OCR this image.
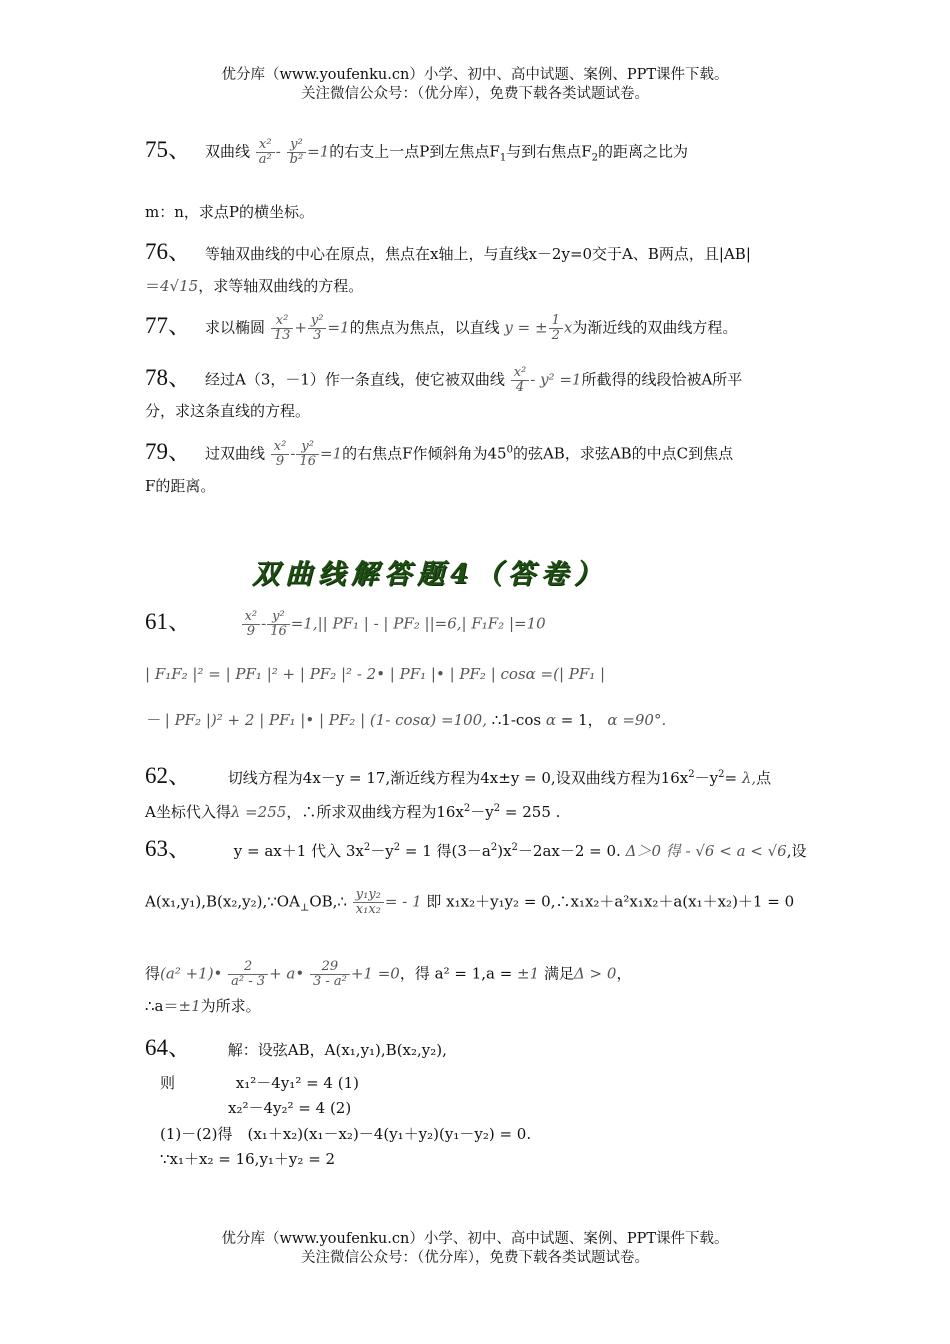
优分库（www.youfenku.cn）小学、初中、高中试题、案例、PPT课件下载。
关注微信公众号：（优分库），免费下载各类试题试卷。
75、 双曲线 $\frac{\text{x²}}{\text{a²}} - \frac{\text{y²}}{\text{b²}} =1$的右支上一点P到左焦点$F_1$与到右焦点$F_2$的距离之比为
m：n，求点P的横坐标。
76、 等轴双曲线的中心在原点，焦点在x轴上，与直线x－2y=0交于A、B两点，且|AB|
＝4√15，求等轴双曲线的方程。
77、 求以椭圆 $\frac{\text{x²}}{13} + \frac{\text{y²}}{3} =1$的焦点为焦点，以直线 y = ± $\frac{1}{2}$ x为渐近线的双曲线方程。
78、 经过A（3，－1）作一条直线，使它被双曲线 $\frac{\text{x²}}{4} - y^2 =1$所截得的线段恰被A所平
分，求这条直线的方程。
79、 过双曲线 $\frac{\text{x²}}{9} - \frac{\text{y²}}{16} =1$的右焦点F作倾斜角为$45^0$的弦AB，求弦AB的中点C到焦点
F的距离。
双曲线解答题4（答卷）
61、	$\frac{\text{x²}}{9} - \frac{\text{y²}}{16} =1,||$ PF₁ | - | PF₂ ||=6,| F₁F₂ |=10
| F₁F₂ |² = | PF₁ |² + | PF₂ |² - 2• | PF₁ |• | PF₂ | cosα =(| PF₁ |
－ | PF₂ |)² + 2 | PF₁ |• | PF₂ | (1- cosα) =100, ∴1-cos α = 1， α =90°.
62、 切线方程为4x－y = 17,渐近线方程为4x±y = 0,设双曲线方程为$16x^2-y^2= \lambda$,点
A坐标代入得λ =255，∴所求双曲线方程为$16x^2-y^2 = 255$ .
63、	y = ax＋1 代入 $3x^2-y^2 = 1$ 得$(3-a^2)x^2-2ax-2 = 0$. Δ＞0 得 - √6 < a < √6,设
$A(x_1,y_1),B(x_2,y_2),\because OA_\perp OB,\therefore \frac{\text{y₁y₂}}{\text{x₁x₂}}$ = - 1 即 x₁x₂＋y₁y₂ = 0,∴x₁x₂＋a²x₁x₂＋a(x₁＋x₂)＋1 = 0
得(a² +1)• $\frac{2}{\text{a² - 3}}$ + a• $\frac{29}{\text{3 - a²}} +1 =0$，得 a² = 1,a = ±1 满足Δ > 0，
∴a＝±1为所求。
64、 解：设弦AB，A(x₁,y₁),B(x₂,y₂),
则	x₁²－4y₁² = 4 (1)
x₂²－4y₂² = 4 (2)
(1)－(2)得　(x₁＋x₂)(x₁－x₂)－4(y₁＋y₂)(y₁－y₂) = 0.
∵x₁＋x₂ = 16,y₁＋y₂ = 2
优分库（www.youfenku.cn）小学、初中、高中试题、案例、PPT课件下载。
关注微信公众号：（优分库），免费下载各类试题试卷。
